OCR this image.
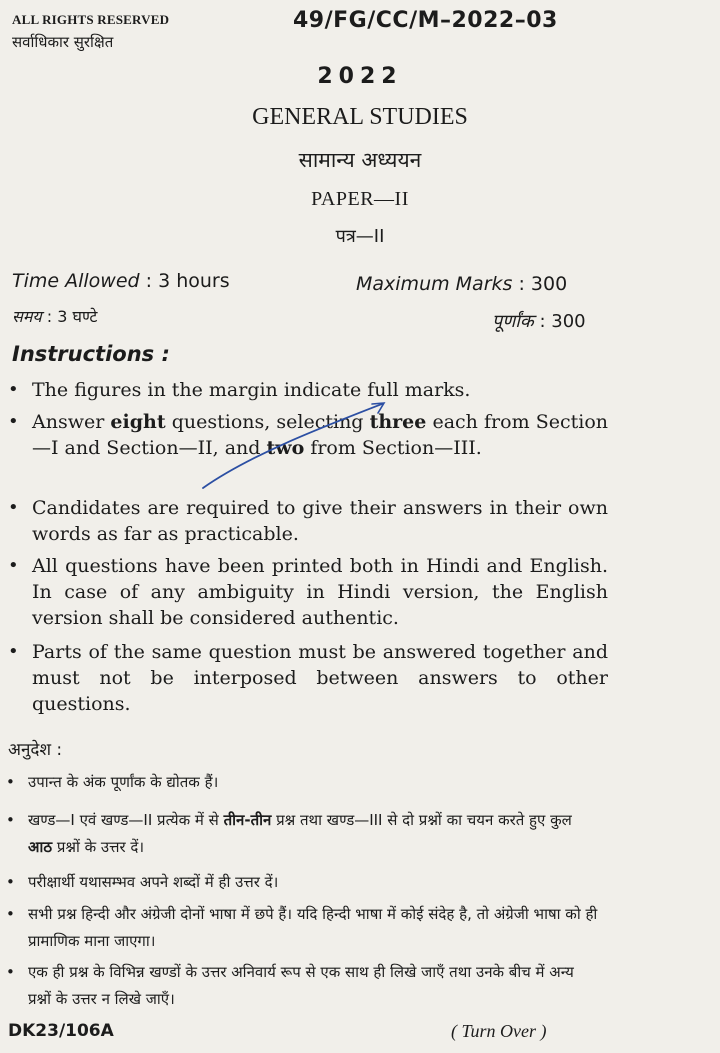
ALL RIGHTS RESERVED
सर्वाधिकार सुरक्षित
49/FG/CC/M–2022–03
2022
GENERAL STUDIES
सामान्य अध्ययन
PAPER—II
पत्र—II
Time Allowed : 3 hours	Maximum Marks : 300
समय : 3 घण्टे	पूर्णांक : 300
Instructions :
• The figures in the margin indicate full marks.
• Answer eight questions, selecting three each from Section—I and Section—II, and two from Section—III.
• Candidates are required to give their answers in their own words as far as practicable.
• All questions have been printed both in Hindi and English. In case of any ambiguity in Hindi version, the English version shall be considered authentic.
• Parts of the same question must be answered together and must not be interposed between answers to other questions.
अनुदेश :
• उपान्त के अंक पूर्णांक के द्योतक हैं।
• खण्ड—I एवं खण्ड—II प्रत्येक में से तीन-तीन प्रश्न तथा खण्ड—III से दो प्रश्नों का चयन करते हुए कुल आठ प्रश्नों के उत्तर दें।
• परीक्षार्थी यथासम्भव अपने शब्दों में ही उत्तर दें।
• सभी प्रश्न हिन्दी और अंग्रेजी दोनों भाषा में छपे हैं। यदि हिन्दी भाषा में कोई संदेह है, तो अंग्रेजी भाषा को ही प्रामाणिक माना जाएगा।
• एक ही प्रश्न के विभिन्न खण्डों के उत्तर अनिवार्य रूप से एक साथ ही लिखे जाएँ तथा उनके बीच में अन्य प्रश्नों के उत्तर न लिखे जाएँ।
DK23/106A	( Turn Over )
